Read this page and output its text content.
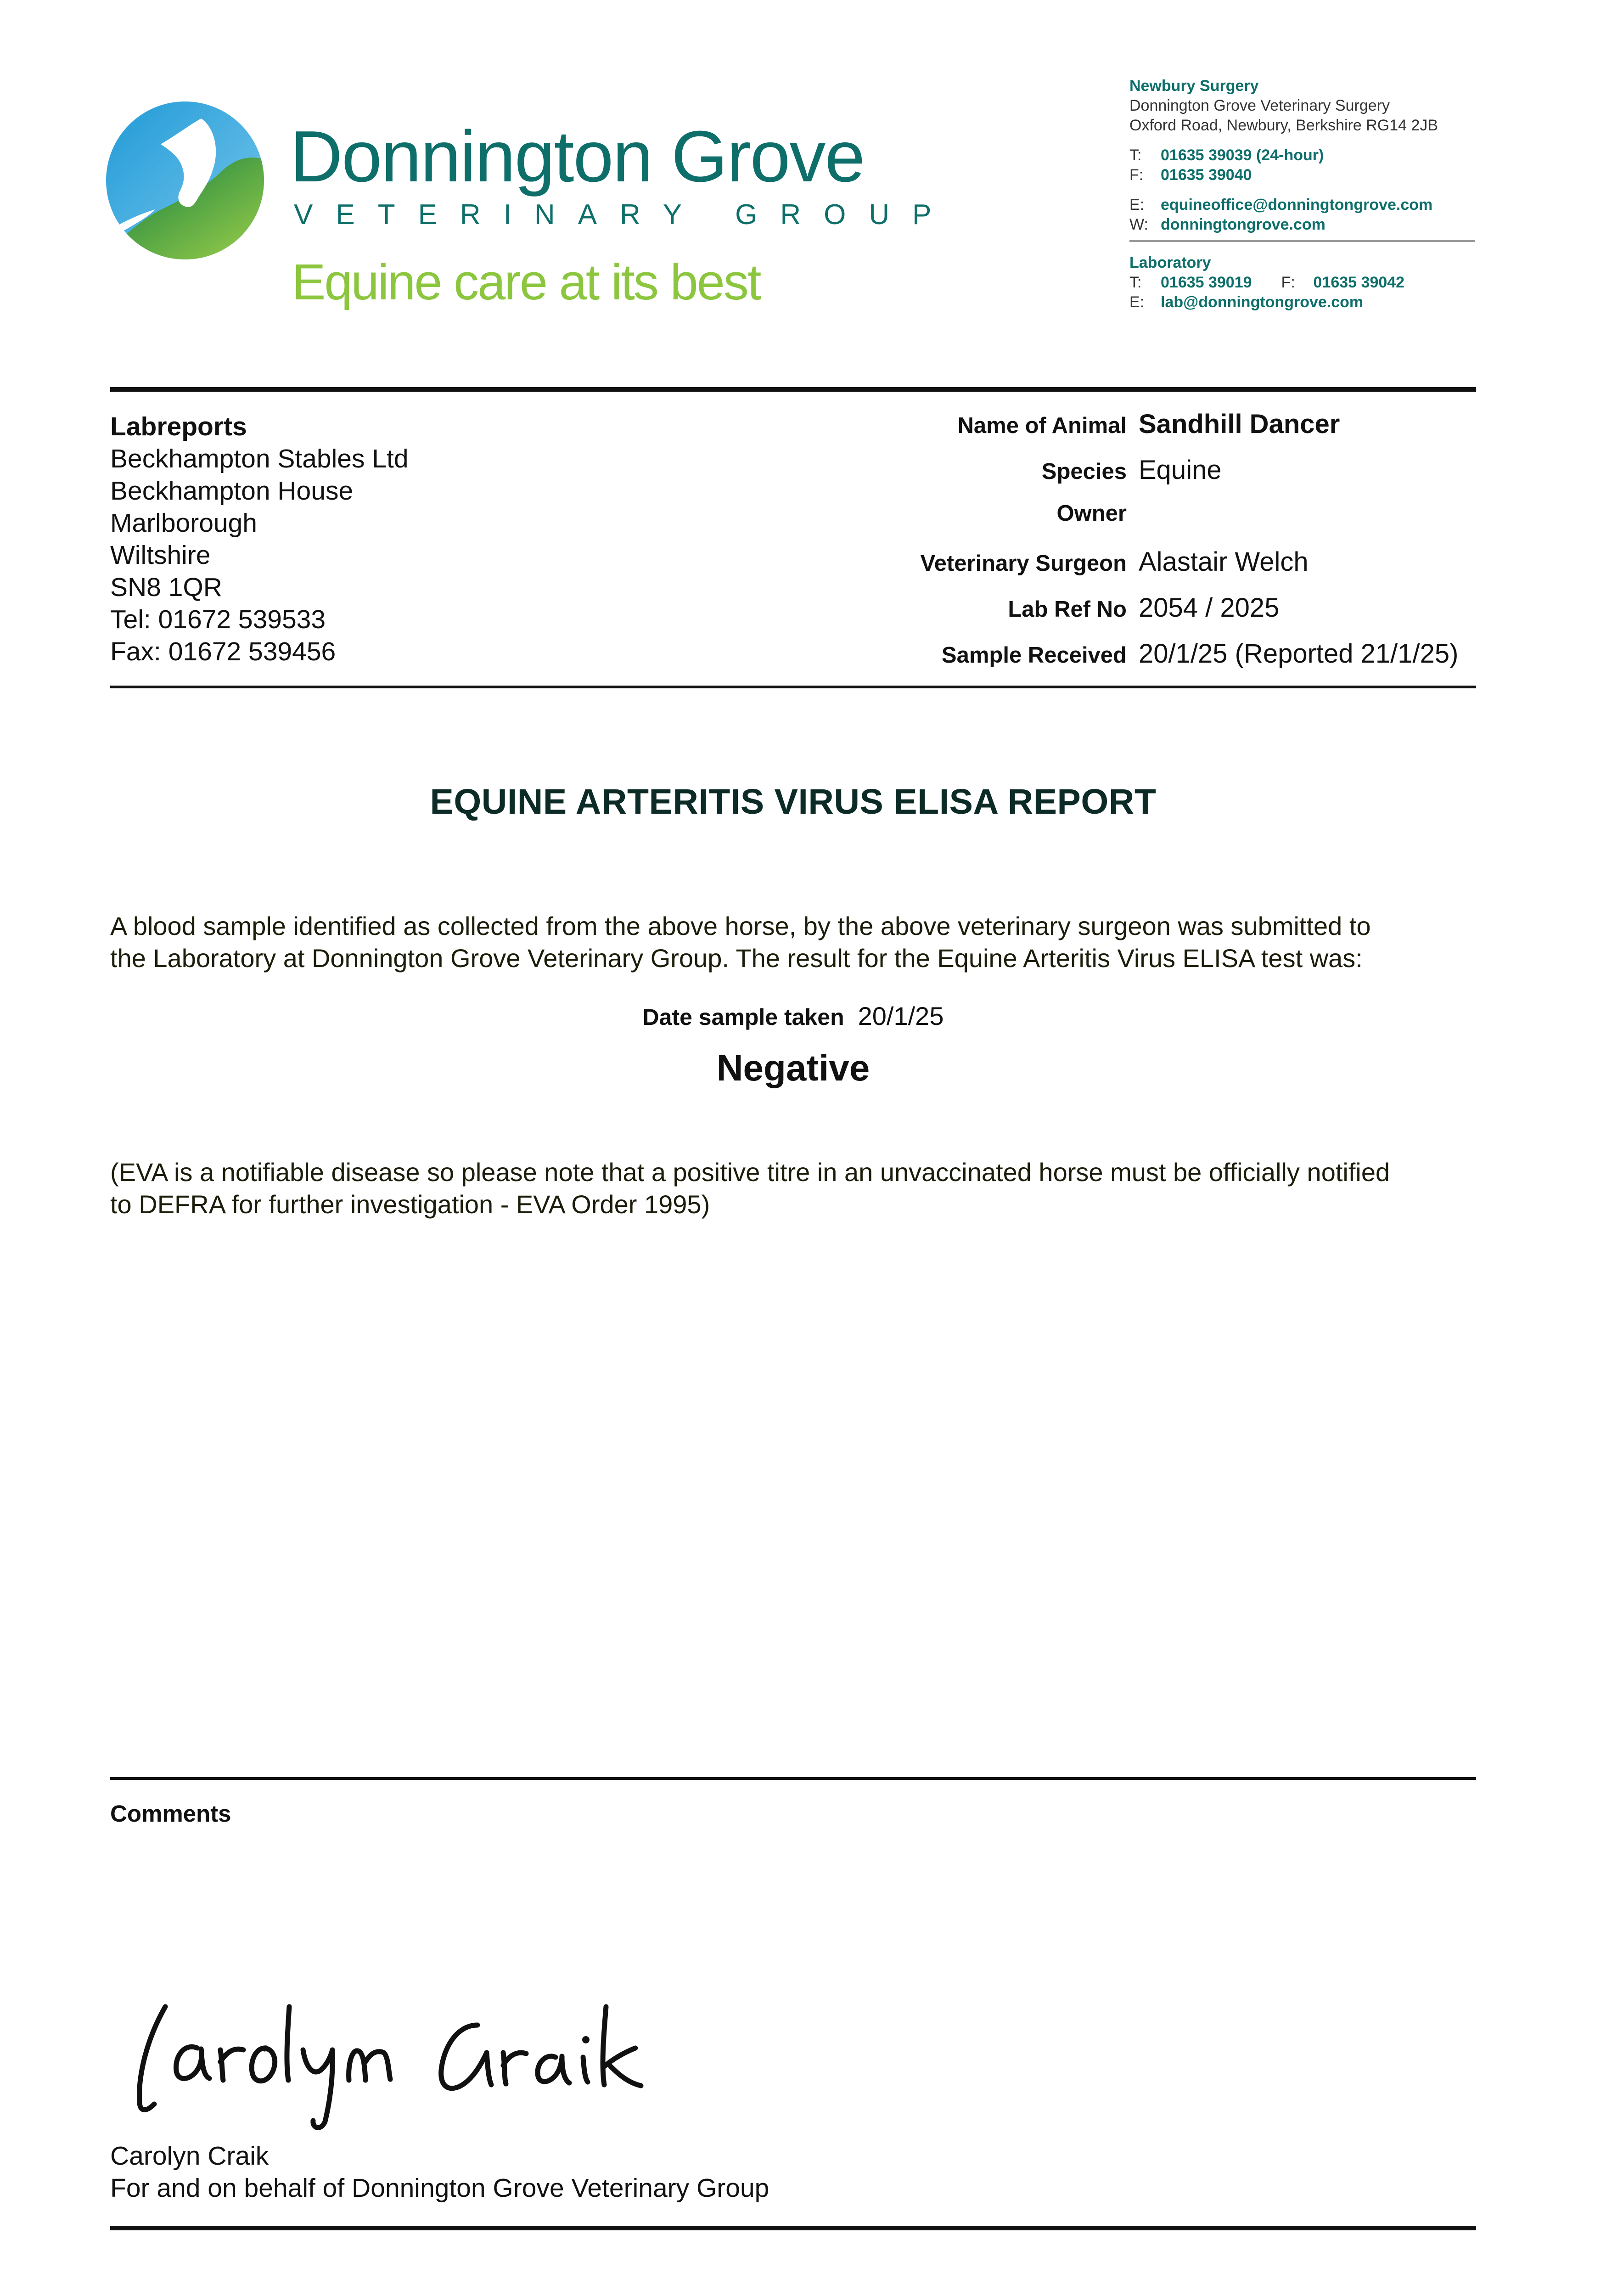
Donnington Grove
VETERINARY GROUP
Equine care at its best
Newbury Surgery
Donnington Grove Veterinary Surgery
Oxford Road, Newbury, Berkshire RG14 2JB
T: 01635 39039 (24-hour)
F: 01635 39040
E: equineoffice@donningtongrove.com
W: donningtongrove.com
Laboratory
T: 01635 39019 F: 01635 39042
E: lab@donningtongrove.com
Labreports
Beckhampton Stables Ltd
Beckhampton House
Marlborough
Wiltshire
SN8 1QR
Tel: 01672 539533
Fax: 01672 539456
Name of Animal Sandhill Dancer
Species Equine
Owner
Veterinary Surgeon Alastair Welch
Lab Ref No 2054 / 2025
Sample Received 20/1/25 (Reported 21/1/25)
EQUINE ARTERITIS VIRUS ELISA REPORT
A blood sample identified as collected from the above horse, by the above veterinary surgeon was submitted to
the Laboratory at Donnington Grove Veterinary Group. The result for the Equine Arteritis Virus ELISA test was:
Date sample taken 20/1/25
Negative
(EVA is a notifiable disease so please note that a positive titre in an unvaccinated horse must be officially notified
to DEFRA for further investigation - EVA Order 1995)
Comments
Carolyn Craik
For and on behalf of Donnington Grove Veterinary Group
